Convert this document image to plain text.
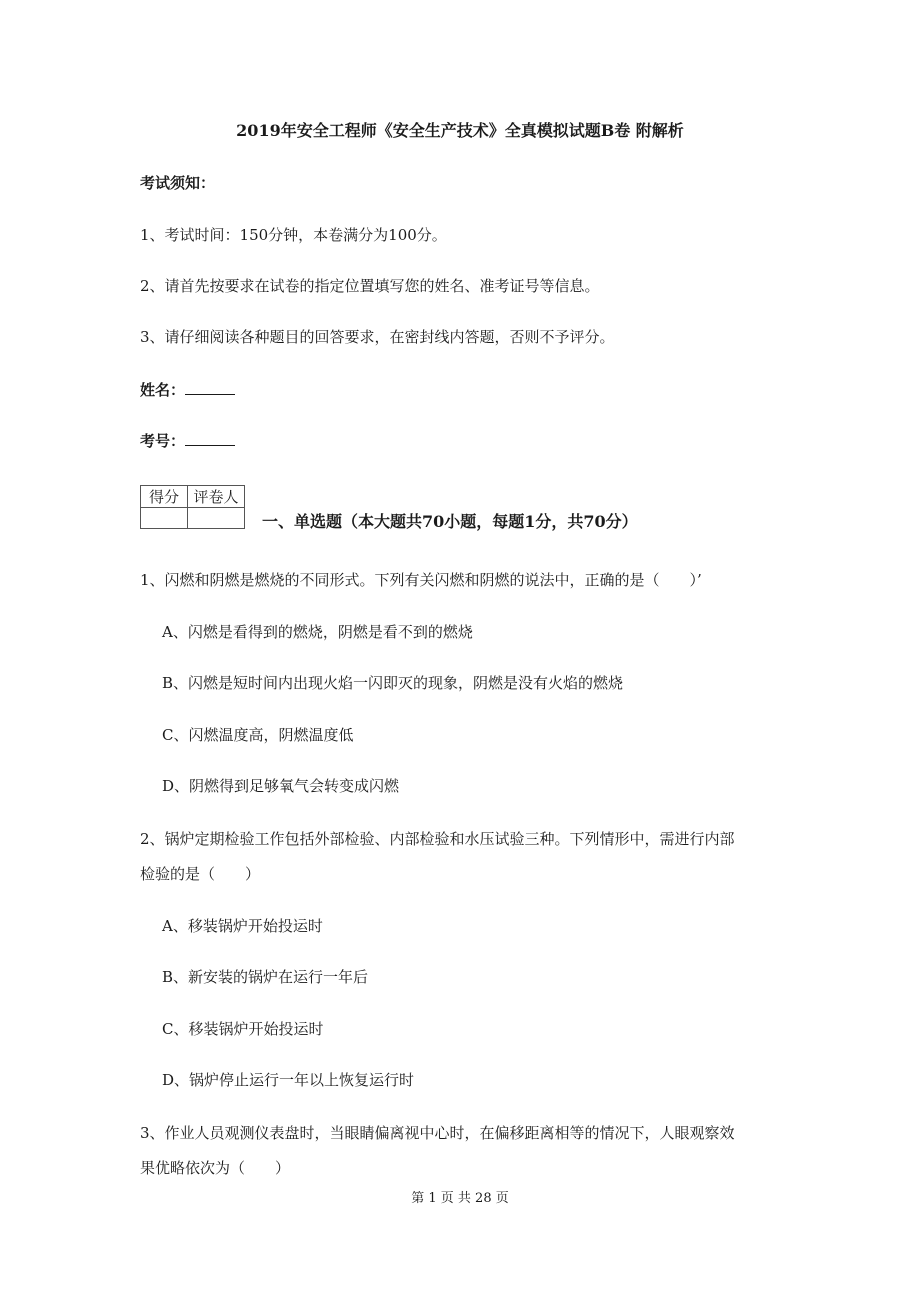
2019年安全工程师《安全生产技术》全真模拟试题B卷 附解析
考试须知：
1、考试时间：150分钟，本卷满分为100分。
2、请首先按要求在试卷的指定位置填写您的姓名、准考证号等信息。
3、请仔细阅读各种题目的回答要求，在密封线内答题，否则不予评分。
姓名：
考号：
得分	评卷人

一、单选题（本大题共70小题，每题1分，共70分）
1、闪燃和阴燃是燃烧的不同形式。下列有关闪燃和阴燃的说法中，正确的是（　　）’
A、闪燃是看得到的燃烧，阴燃是看不到的燃烧
B、闪燃是短时间内出现火焰一闪即灭的现象，阴燃是没有火焰的燃烧
C、闪燃温度高，阴燃温度低
D、阴燃得到足够氧气会转变成闪燃
2、锅炉定期检验工作包括外部检验、内部检验和水压试验三种。下列情形中，需进行内部
检验的是（　　）
A、移装锅炉开始投运时
B、新安装的锅炉在运行一年后
C、移装锅炉开始投运时
D、锅炉停止运行一年以上恢复运行时
3、作业人员观测仪表盘时，当眼睛偏离视中心时，在偏移距离相等的情况下，人眼观察效
果优略依次为（　　）
第 1 页 共 28 页
